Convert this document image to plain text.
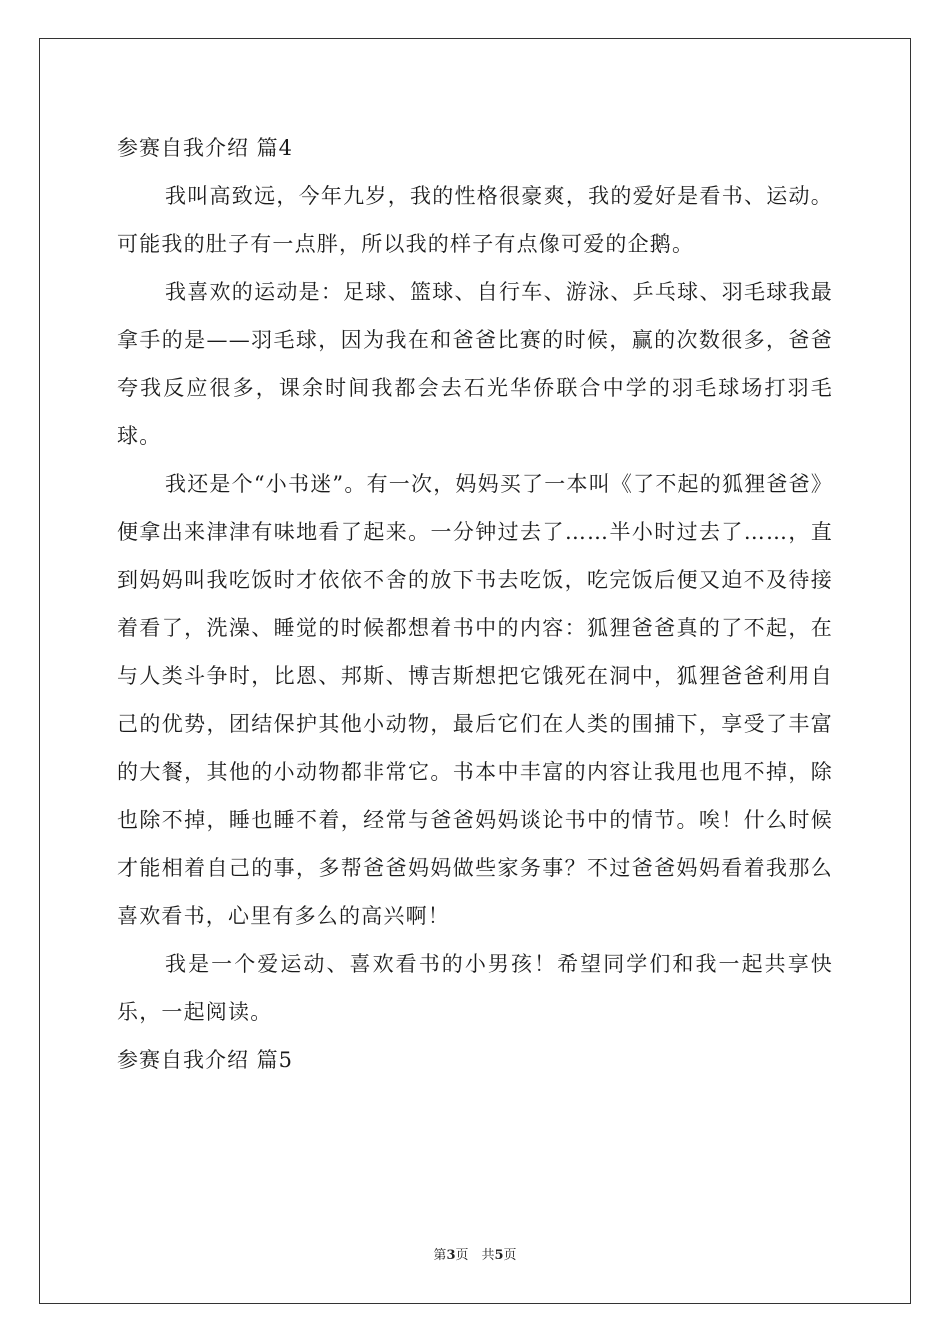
参赛自我介绍 篇4

我叫高致远，今年九岁，我的性格很豪爽，我的爱好是看书、运动。可能我的肚子有一点胖，所以我的样子有点像可爱的企鹅。

我喜欢的运动是：足球、篮球、自行车、游泳、乒乓球、羽毛球我最拿手的是——羽毛球，因为我在和爸爸比赛的时候，赢的次数很多，爸爸夸我反应很多，课余时间我都会去石光华侨联合中学的羽毛球场打羽毛球。

我还是个“小书迷”。有一次，妈妈买了一本叫《了不起的狐狸爸爸》便拿出来津津有味地看了起来。一分钟过去了……半小时过去了……，直到妈妈叫我吃饭时才依依不舍的放下书去吃饭，吃完饭后便又迫不及待接着看了，洗澡、睡觉的时候都想着书中的内容：狐狸爸爸真的了不起，在与人类斗争时，比恩、邦斯、博吉斯想把它饿死在洞中，狐狸爸爸利用自己的优势，团结保护其他小动物，最后它们在人类的围捕下，享受了丰富的大餐，其他的小动物都非常它。书本中丰富的内容让我甩也甩不掉，除也除不掉，睡也睡不着，经常与爸爸妈妈谈论书中的情节。唉！什么时候才能相着自己的事，多帮爸爸妈妈做些家务事？不过爸爸妈妈看着我那么喜欢看书，心里有多么的高兴啊！

我是一个爱运动、喜欢看书的小男孩！希望同学们和我一起共享快乐，一起阅读。

参赛自我介绍 篇5

第3页　共5页
